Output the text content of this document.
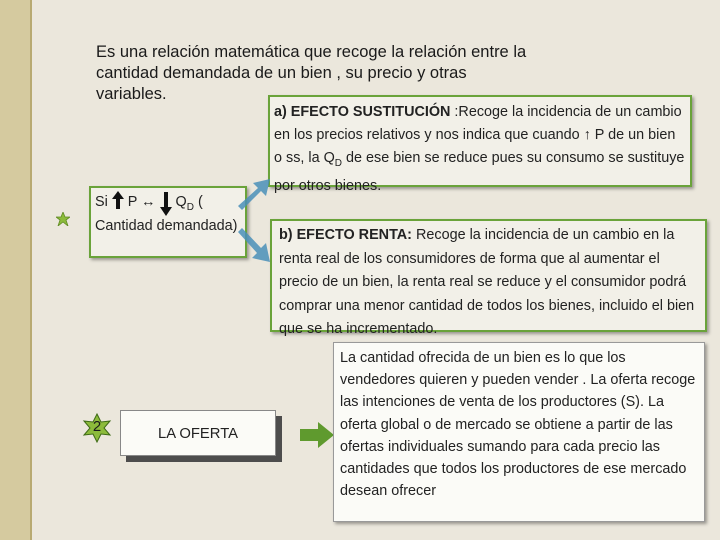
Es una relación matemática que recoge la relación entre la cantidad demandada de un bien , su precio y otras variables.
a) EFECTO SUSTITUCIÓN :Recoge la incidencia de un cambio en los precios relativos y nos indica que cuando ↑ P de un bien o ss, la $Q_D$ de ese bien se reduce pues su consumo se sustituye por otros bienes.
Si P ↔ $Q_D$ ( Cantidad demandada)
b) EFECTO RENTA: Recoge la incidencia de un cambio en la renta real de los consumidores de forma que al aumentar el precio de un bien, la renta real se reduce y el consumidor podrá comprar una menor cantidad de todos los bienes, incluido el bien que se ha incrementado.
2	LA OFERTA
La cantidad ofrecida de un bien es lo que los vendedores quieren y pueden vender . La oferta recoge las intenciones de venta de los productores (S). La oferta global o de mercado se obtiene a partir de las ofertas individuales sumando para cada precio las cantidades que todos los productores de ese mercado desean ofrecer
